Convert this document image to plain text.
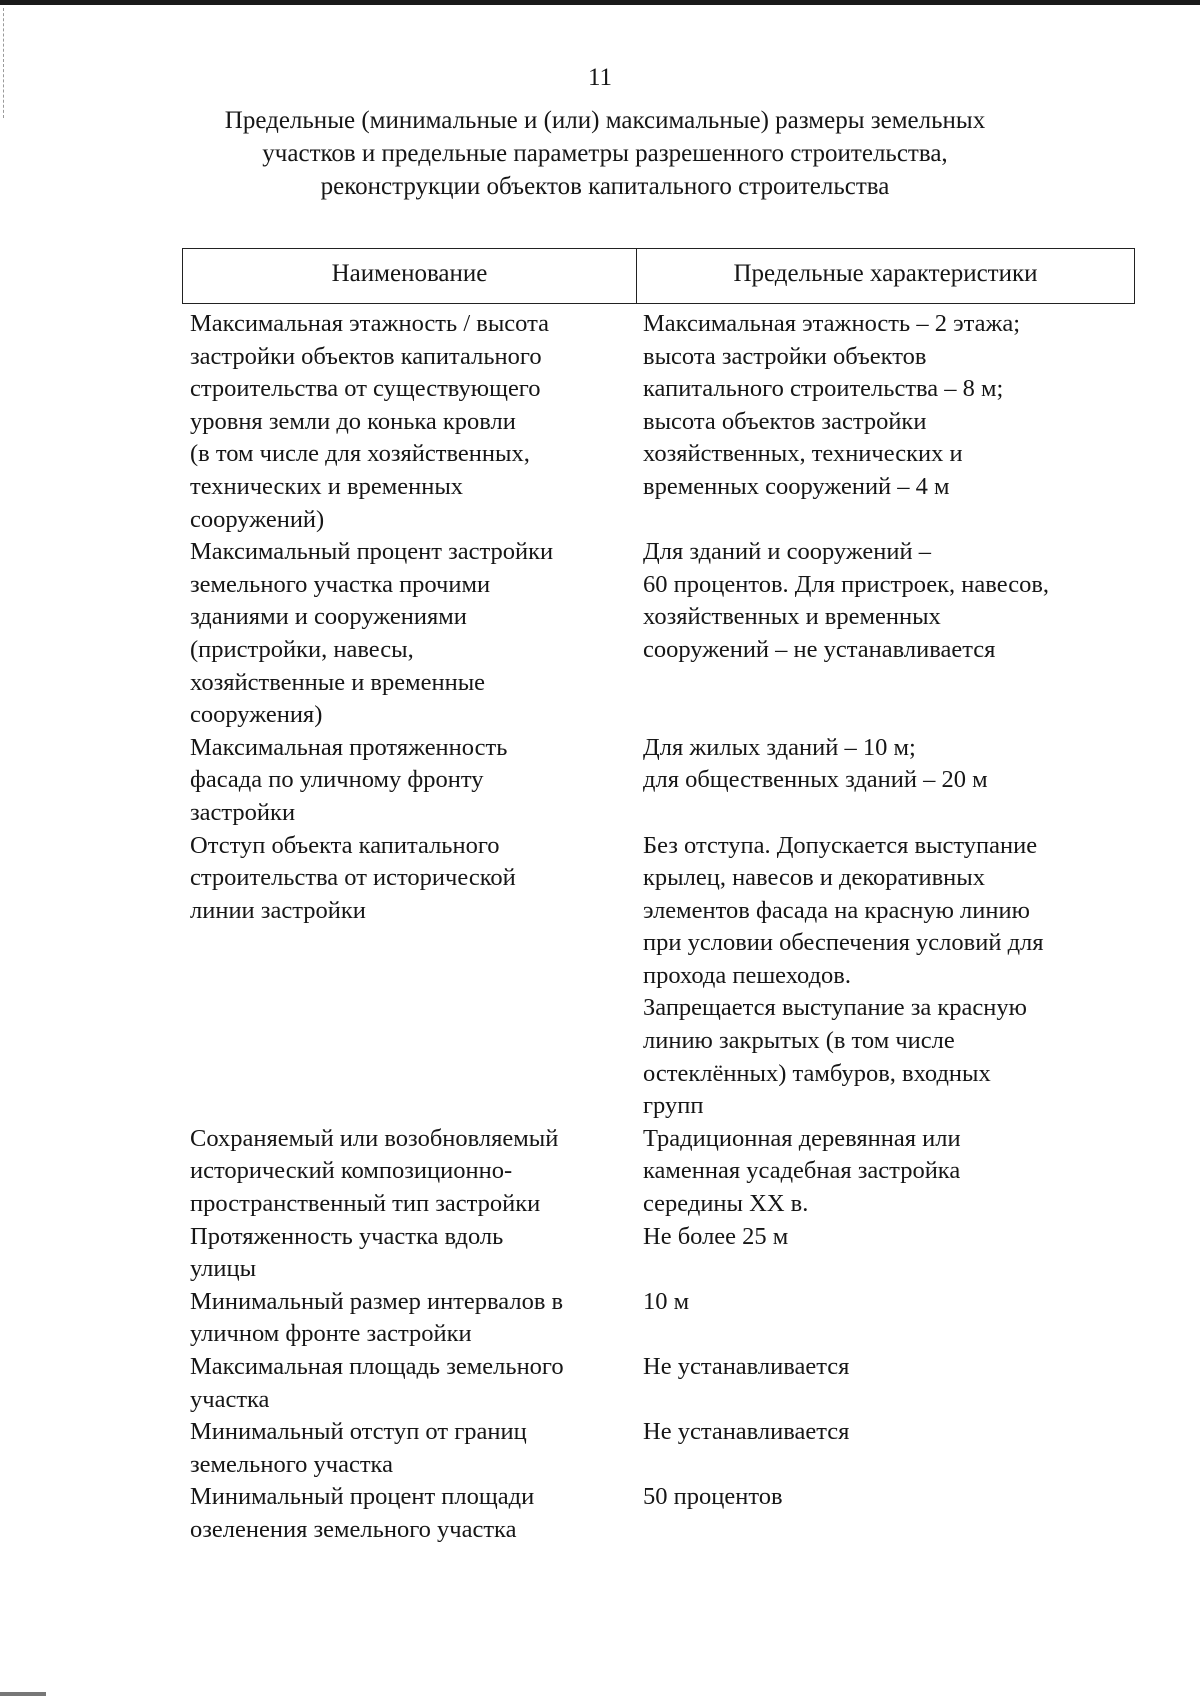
11
Предельные (минимальные и (или) максимальные) размеры земельных
участков и предельные параметры разрешенного строительства,
реконструкции объектов капитального строительства
Наименование	Предельные характеристики
Максимальная этажность / высота
застройки объектов капитального
строительства от существующего
уровня земли до конька кровли
(в том числе для хозяйственных,
технических и временных
сооружений)
Максимальная этажность – 2 этажа;
высота застройки объектов
капитального строительства – 8 м;
высота объектов застройки
хозяйственных, технических и
временных сооружений – 4 м
Максимальный процент застройки
земельного участка прочими
зданиями и сооружениями
(пристройки, навесы,
хозяйственные и временные
сооружения)
Для зданий и сооружений –
60 процентов. Для пристроек, навесов,
хозяйственных и временных
сооружений – не устанавливается
Максимальная протяженность
фасада по уличному фронту
застройки
Для жилых зданий – 10 м;
для общественных зданий – 20 м
Отступ объекта капитального
строительства от исторической
линии застройки
Без отступа. Допускается выступание
крылец, навесов и декоративных
элементов фасада на красную линию
при условии обеспечения условий для
прохода пешеходов.
Запрещается выступание за красную
линию закрытых (в том числе
остеклённых) тамбуров, входных
групп
Сохраняемый или возобновляемый
исторический композиционно-
пространственный тип застройки
Традиционная деревянная или
каменная усадебная застройка
середины XX в.
Протяженность участка вдоль
улицы
Не более 25 м
Минимальный размер интервалов в
уличном фронте застройки
10 м
Максимальная площадь земельного
участка
Не устанавливается
Минимальный отступ от границ
земельного участка
Не устанавливается
Минимальный процент площади
озеленения земельного участка
50 процентов
